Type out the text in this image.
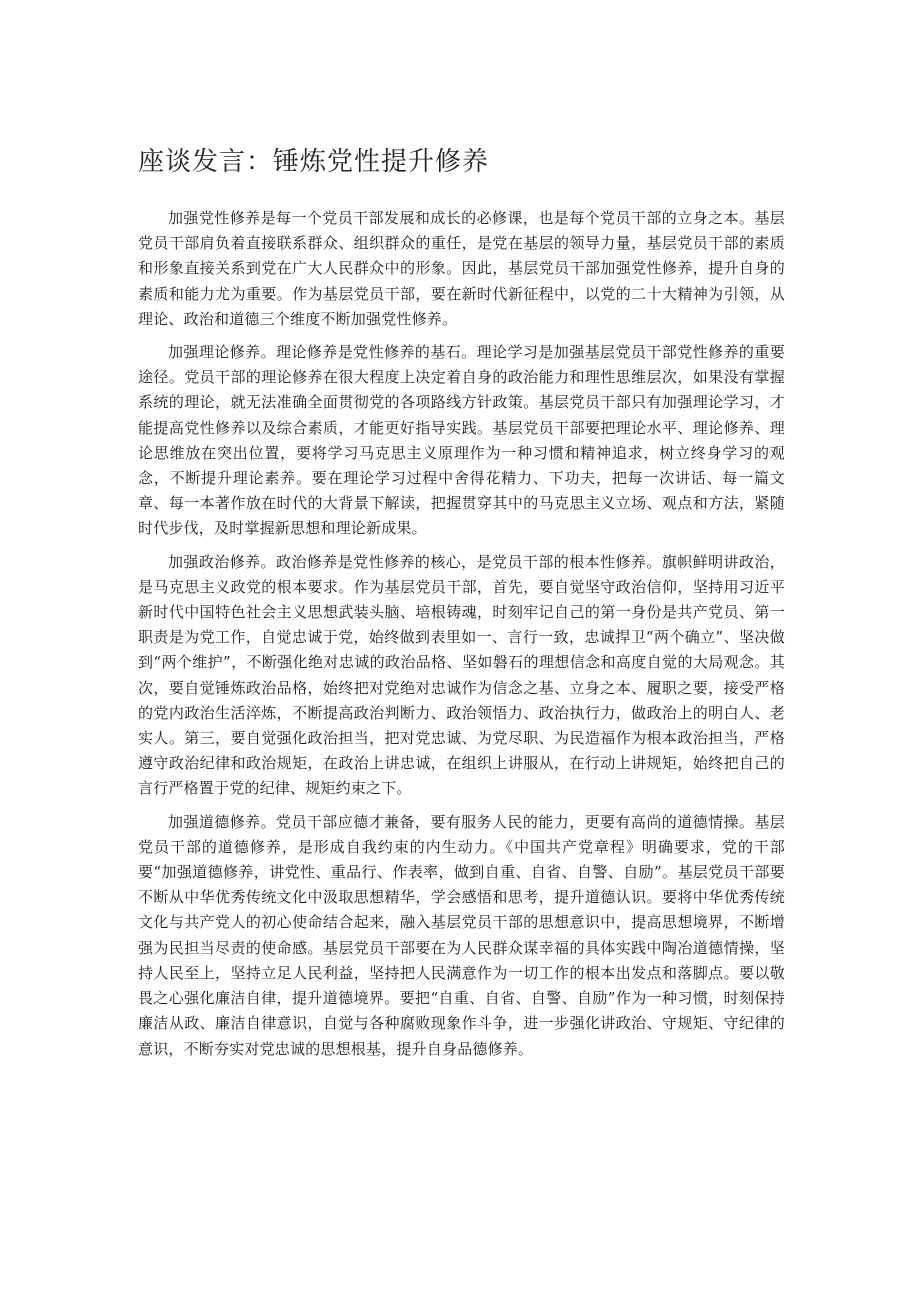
座谈发言：锤炼党性提升修养

加强党性修养是每一个党员干部发展和成长的必修课，也是每个党员干部的立身之本。基层党员干部肩负着直接联系群众、组织群众的重任，是党在基层的领导力量，基层党员干部的素质和形象直接关系到党在广大人民群众中的形象。因此，基层党员干部加强党性修养，提升自身的素质和能力尤为重要。作为基层党员干部，要在新时代新征程中，以党的二十大精神为引领，从理论、政治和道德三个维度不断加强党性修养。

加强理论修养。理论修养是党性修养的基石。理论学习是加强基层党员干部党性修养的重要途径。党员干部的理论修养在很大程度上决定着自身的政治能力和理性思维层次，如果没有掌握系统的理论，就无法准确全面贯彻党的各项路线方针政策。基层党员干部只有加强理论学习，才能提高党性修养以及综合素质，才能更好指导实践。基层党员干部要把理论水平、理论修养、理论思维放在突出位置，要将学习马克思主义原理作为一种习惯和精神追求，树立终身学习的观念，不断提升理论素养。要在理论学习过程中舍得花精力、下功夫，把每一次讲话、每一篇文章、每一本著作放在时代的大背景下解读，把握贯穿其中的马克思主义立场、观点和方法，紧随时代步伐，及时掌握新思想和理论新成果。

加强政治修养。政治修养是党性修养的核心，是党员干部的根本性修养。旗帜鲜明讲政治，是马克思主义政党的根本要求。作为基层党员干部，首先，要自觉坚守政治信仰，坚持用习近平新时代中国特色社会主义思想武装头脑、培根铸魂，时刻牢记自己的第一身份是共产党员、第一职责是为党工作，自觉忠诚于党，始终做到表里如一、言行一致，忠诚捍卫“两个确立”、坚决做到“两个维护”，不断强化绝对忠诚的政治品格、坚如磐石的理想信念和高度自觉的大局观念。其次，要自觉锤炼政治品格，始终把对党绝对忠诚作为信念之基、立身之本、履职之要，接受严格的党内政治生活淬炼，不断提高政治判断力、政治领悟力、政治执行力，做政治上的明白人、老实人。第三，要自觉强化政治担当，把对党忠诚、为党尽职、为民造福作为根本政治担当，严格遵守政治纪律和政治规矩，在政治上讲忠诚，在组织上讲服从，在行动上讲规矩，始终把自己的言行严格置于党的纪律、规矩约束之下。

加强道德修养。党员干部应德才兼备，要有服务人民的能力，更要有高尚的道德情操。基层党员干部的道德修养，是形成自我约束的内生动力。《中国共产党章程》明确要求，党的干部要“加强道德修养，讲党性、重品行、作表率，做到自重、自省、自警、自励”。基层党员干部要不断从中华优秀传统文化中汲取思想精华，学会感悟和思考，提升道德认识。要将中华优秀传统文化与共产党人的初心使命结合起来，融入基层党员干部的思想意识中，提高思想境界，不断增强为民担当尽责的使命感。基层党员干部要在为人民群众谋幸福的具体实践中陶冶道德情操，坚持人民至上，坚持立足人民利益，坚持把人民满意作为一切工作的根本出发点和落脚点。要以敬畏之心强化廉洁自律，提升道德境界。要把“自重、自省、自警、自励”作为一种习惯，时刻保持廉洁从政、廉洁自律意识，自觉与各种腐败现象作斗争，进一步强化讲政治、守规矩、守纪律的意识，不断夯实对党忠诚的思想根基，提升自身品德修养。
